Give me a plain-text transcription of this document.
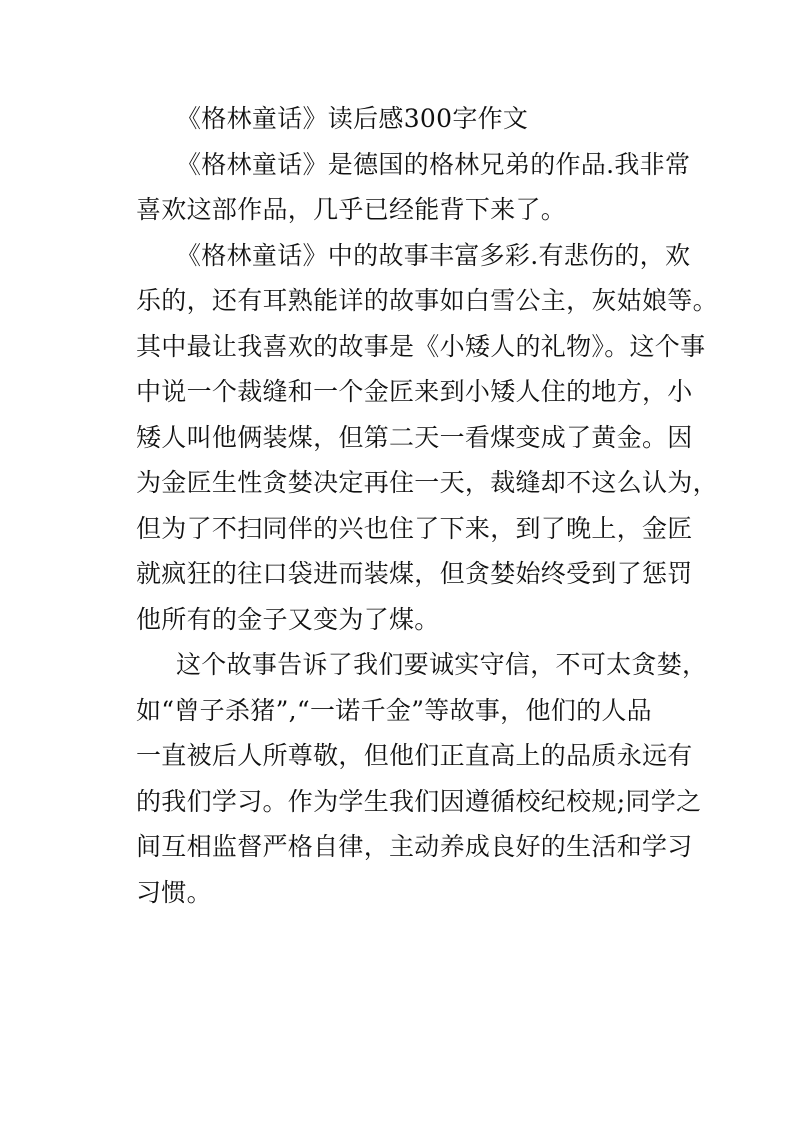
《格林童话》读后感300字作文
《格林童话》是德国的格林兄弟的作品.我非常
喜欢这部作品，几乎已经能背下来了。
《格林童话》中的故事丰富多彩.有悲伤的，欢
乐的，还有耳熟能详的故事如白雪公主，灰姑娘等。
其中最让我喜欢的故事是《小矮人的礼物》。这个事
中说一个裁缝和一个金匠来到小矮人住的地方，小
矮人叫他俩装煤，但第二天一看煤变成了黄金。因
为金匠生性贪婪决定再住一天，裁缝却不这么认为，
但为了不扫同伴的兴也住了下来，到了晚上，金匠
就疯狂的往口袋进而装煤，但贪婪始终受到了惩罚
他所有的金子又变为了煤。
这个故事告诉了我们要诚实守信，不可太贪婪，
如“曾子杀猪”,“一诺千金”等故事，他们的人品
一直被后人所尊敬，但他们正直高上的品质永远有
的我们学习。作为学生我们因遵循校纪校规;同学之
间互相监督严格自律，主动养成良好的生活和学习
习惯。
